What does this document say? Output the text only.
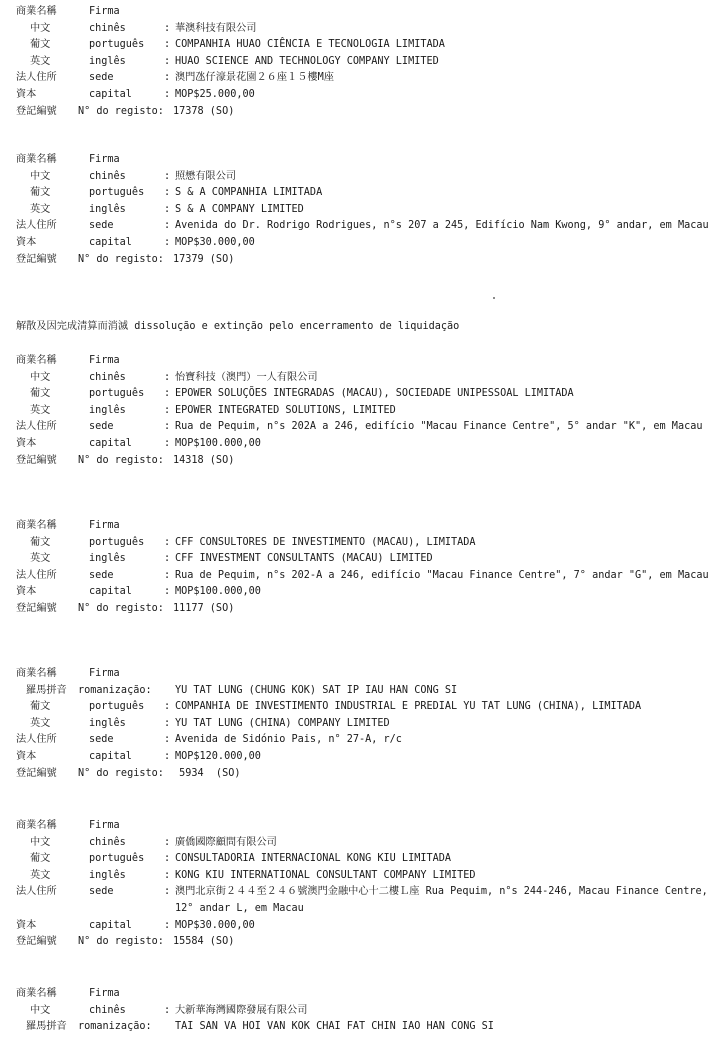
商業名稱	Firma
中文	chinês	: 華澳科技有限公司
葡文	português : COMPANHIA HUAO CIÊNCIA E TECNOLOGIA LIMITADA
英文	inglês	: HUAO SCIENCE AND TECHNOLOGY COMPANY LIMITED
法人住所	sede	: 澳門氹仔濠景花園２６座１５樓M座
資本	capital	: MOP$25.000,00
登記編號 N° do registo: 17378 (SO)
商業名稱	Firma
中文	chinês	: 照懋有限公司
葡文	português : S & A COMPANHIA LIMITADA
英文	inglês	: S & A COMPANY LIMITED
法人住所	sede	: Avenida do Dr. Rodrigo Rodrigues, n°s 207 a 245, Edifício Nam Kwong, 9° andar, em Macau
資本	capital	: MOP$30.000,00
登記編號 N° do registo: 17379 (SO)
解散及因完成清算而消滅 dissolução e extinção pelo encerramento de liquidação
商業名稱	Firma
中文	chinês	: 怡寶科技（澳門）一人有限公司
葡文	português : EPOWER SOLUÇÕES INTEGRADAS (MACAU), SOCIEDADE UNIPESSOAL LIMITADA
英文	inglês	: EPOWER INTEGRATED SOLUTIONS, LIMITED
法人住所	sede	: Rua de Pequim, n°s 202A a 246, edifício "Macau Finance Centre", 5° andar "K", em Macau
資本	capital	: MOP$100.000,00
登記編號 N° do registo: 14318 (SO)
商業名稱	Firma
葡文	português : CFF CONSULTORES DE INVESTIMENTO (MACAU), LIMITADA
英文	inglês	: CFF INVESTMENT CONSULTANTS (MACAU) LIMITED
法人住所	sede	: Rua de Pequim, n°s 202-A a 246, edifício "Macau Finance Centre", 7° andar "G", em Macau
資本	capital	: MOP$100.000,00
登記編號 N° do registo: 11177 (SO)
商業名稱	Firma
羅馬拼音 romanização: YU TAT LUNG (CHUNG KOK) SAT IP IAU HAN CONG SI
葡文	português : COMPANHIA DE INVESTIMENTO INDUSTRIAL E PREDIAL YU TAT LUNG (CHINA), LIMITADA
英文	inglês	: YU TAT LUNG (CHINA) COMPANY LIMITED
法人住所	sede	: Avenida de Sidónio Pais, n° 27-A, r/c
資本	capital	: MOP$120.000,00
登記編號 N° do registo: 5934  (SO)
商業名稱	Firma
中文	chinês	: 廣僑國際顧問有限公司
葡文	português : CONSULTADORIA INTERNACIONAL KONG KIU LIMITADA
英文	inglês	: KONG KIU INTERNATIONAL CONSULTANT COMPANY LIMITED
法人住所	sede	: 澳門北京街２４４至２４６號澳門金融中心十二樓Ｌ座 Rua Pequim, n°s 244-246, Macau Finance Centre, 12° andar L, em Macau
資本	capital	: MOP$30.000,00
登記編號 N° do registo: 15584 (SO)
商業名稱	Firma
中文	chinês	: 大新華海灣國際發展有限公司
羅馬拼音 romanização: TAI SAN VA HOI VAN KOK CHAI FAT CHIN IAO HAN CONG SI
